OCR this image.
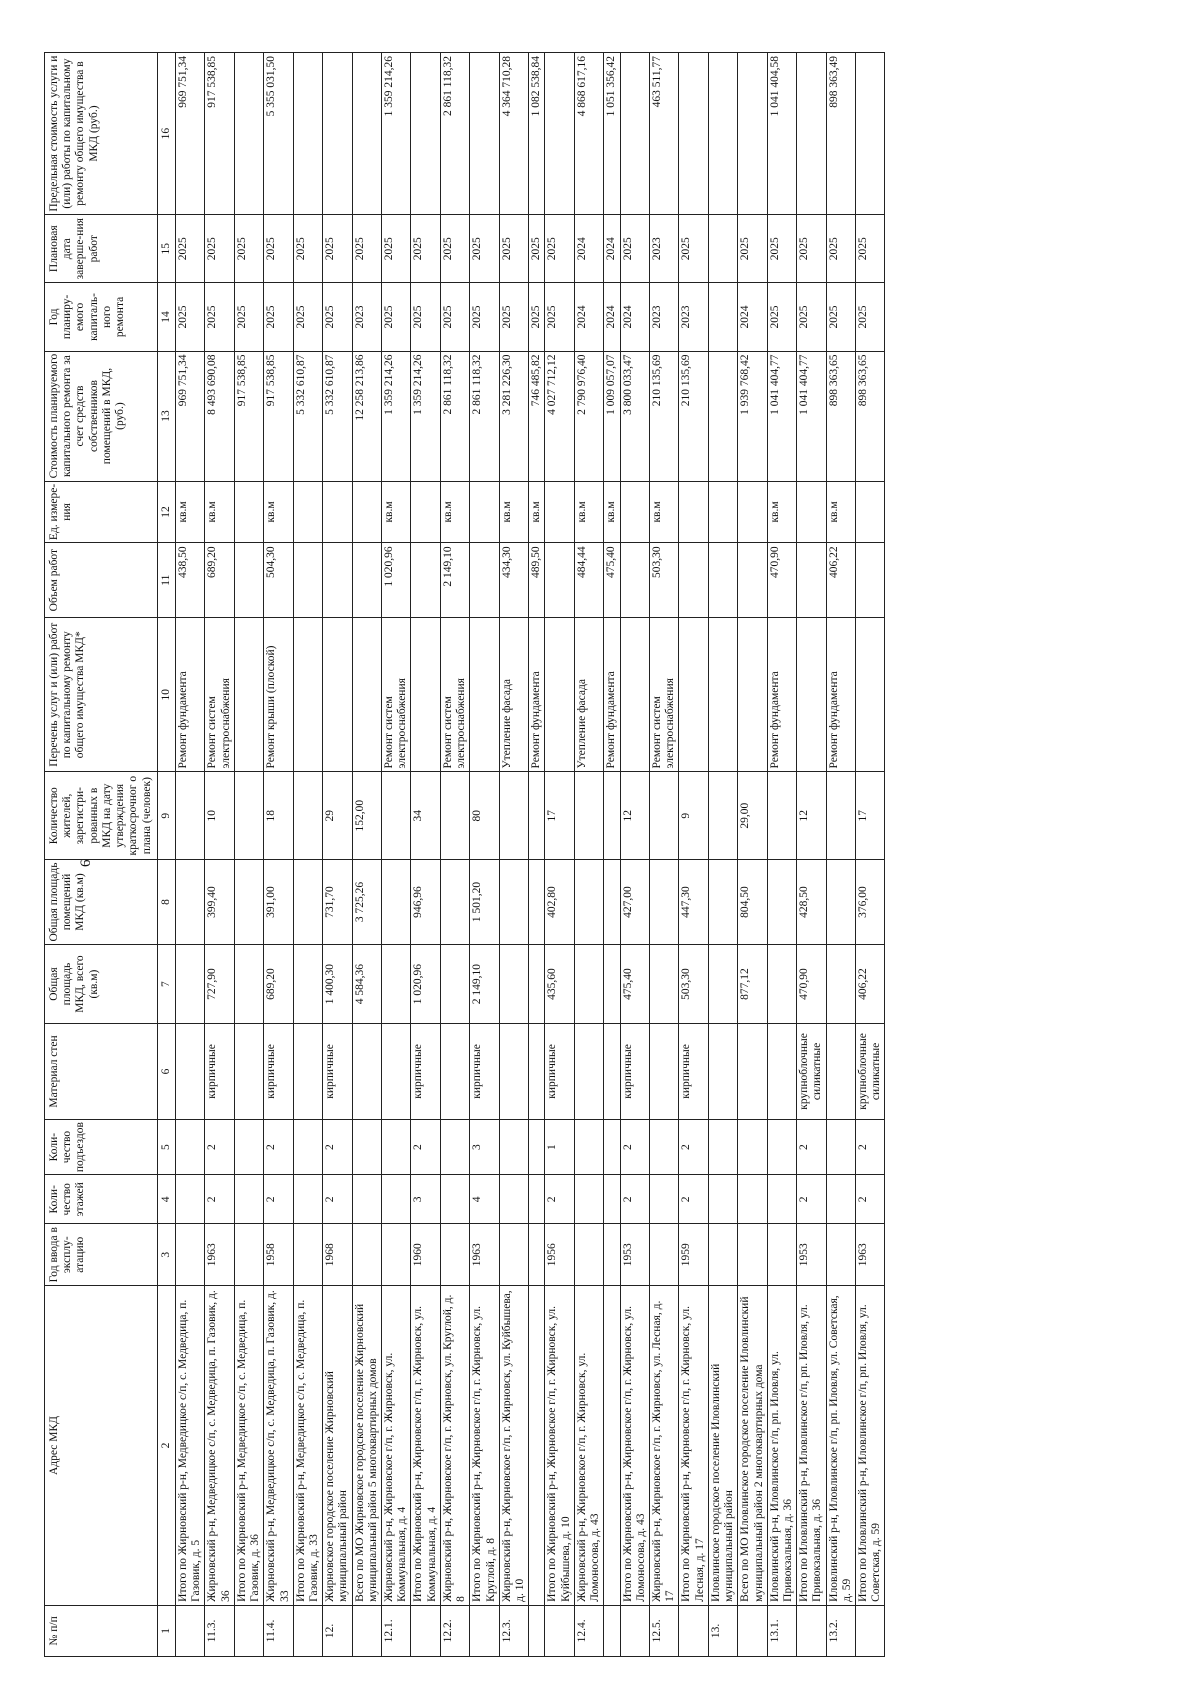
6
№ п/п	Адрес МКД	Год ввода в эксплу-атацию	Коли-чество этажей	Коли-чество подъездов	Материал стен	Общая площадь МКД, всего (кв.м)	Общая площадь помещений МКД (кв.м)	Количество жителей, зарегистри-рованных в МКД на дату утверждения краткосрочног о плана (человек)	Перечень услуг и (или) работ по капитальному ремонту общего имущества МКД*	Объем работ	Ед. измере-ния	Стоимость планируемого капитального ремонта за счет средств собственников помещений в МКД, (руб.)	Год планиру-емого капиталь-ного ремонта	Плановая дата заверше-ния работ	Предельная стоимость услуги и (или) работы по капитальному ремонту общего имущества в МКД (руб.)
1	2	3	4	5	6	7	8	9	10	11	12	13	14	15	16
	Итого по Жирновский р-н, Медведицкое с/п, с. Медведица, п. Газовик, д. 5								Ремонт фундамента	438,50	кв.м	969 751,34	2025	2025	969 751,34
11.3.	Жирновский р-н, Медведицкое с/п, с. Медведица, п. Газовик, д. 36	1963	2	2	кирпичные	727,90	399,40	10	Ремонт систем электроснабжения	689,20	кв.м	8 493 690,08	2025	2025	917 538,85
	Итого по Жирновский р-н, Медведицкое с/п, с. Медведица, п. Газовик, д. 36											917 538,85	2025	2025	
11.4.	Жирновский р-н, Медведицкое с/п, с. Медведица, п. Газовик, д. 33	1958	2	2	кирпичные	689,20	391,00	18	Ремонт крыши (плоской)	504,30	кв.м	917 538,85	2025	2025	5 355 031,50
	Итого по Жирновский р-н, Медведицкое с/п, с. Медведица, п. Газовик, д. 33											5 332 610,87	2025	2025	
12.	Жирновское городское поселение Жирновский муниципальный район	1968	2	2	кирпичные	1 400,30	731,70	29				5 332 610,87	2025	2025	
	Всего по МО Жирновское городское поселение Жирновский муниципальный район 5 многоквартирных домов					4 584,36	3 725,26	152,00				12 258 213,86	2023	2025	
12.1.	Жирновский р-н, Жирновское г/п, г. Жирновск, ул. Коммунальная, д. 4								Ремонт систем электроснабжения	1 020,96	кв.м	1 359 214,26	2025	2025	1 359 214,26
	Итого по Жирновский р-н, Жирновское г/п, г. Жирновск, ул. Коммунальная, д. 4	1960	3	2	кирпичные	1 020,96	946,96	34				1 359 214,26	2025	2025	
12.2.	Жирновский р-н, Жирновское г/п, г. Жирновск, ул. Круглой, д. 8								Ремонт систем электроснабжения	2 149,10	кв.м	2 861 118,32	2025	2025	2 861 118,32
	Итого по Жирновский р-н, Жирновское г/п, г. Жирновск, ул. Круглой, д. 8	1963	4	3	кирпичные	2 149,10	1 501,20	80				2 861 118,32	2025	2025	
12.3.	Жирновский р-н, Жирновское г/п, г. Жирновск, ул. Куйбышева, д. 10								Утепление фасада	434,30	кв.м	3 281 226,30	2025	2025	4 364 710,28
									Ремонт фундамента	489,50	кв.м	746 485,82	2025	2025	1 082 538,84
	Итого по Жирновский р-н, Жирновское г/п, г. Жирновск, ул. Куйбышева, д. 10	1956	2	1	кирпичные	435,60	402,80	17				4 027 712,12	2025	2025	
12.4.	Жирновский р-н, Жирновское г/п, г. Жирновск, ул. Ломоносова, д. 43								Утепление фасада	484,44	кв.м	2 790 976,40	2024	2024	4 868 617,16
									Ремонт фундамента	475,40	кв.м	1 009 057,07	2024	2024	1 051 356,42
	Итого по Жирновский р-н, Жирновское г/п, г. Жирновск, ул. Ломоносова, д. 43	1953	2	2	кирпичные	475,40	427,00	12				3 800 033,47	2024	2025	
12.5.	Жирновский р-н, Жирновское г/п, г. Жирновск, ул. Лесная, д. 17								Ремонт систем электроснабжения	503,30	кв.м	210 135,69	2023	2023	463 511,77
	Итого по Жирновский р-н, Жирновское г/п, г. Жирновск, ул. Лесная, д. 17	1959	2	2	кирпичные	503,30	447,30	9				210 135,69	2023	2025	
13.	Иловлинское городское поселение Иловлинский муниципальный район														
	Всего по МО Иловлинское городское поселение Иловлинский муниципальный район 2 многоквартирных дома					877,12	804,50	29,00				1 939 768,42	2024	2025	
13.1.	Иловлинский р-н, Иловлинское г/п, рп. Иловля, ул. Привокзальная, д. 36								Ремонт фундамента	470,90	кв.м	1 041 404,77	2025	2025	1 041 404,58
	Итого по Иловлинский р-н, Иловлинское г/п, рп. Иловля, ул. Привокзальная, д. 36	1953	2	2	крупноблочные силикатные	470,90	428,50	12				1 041 404,77	2025	2025	
13.2.	Иловлинский р-н, Иловлинское г/п, рп. Иловля, ул. Советская, д. 59								Ремонт фундамента	406,22	кв.м	898 363,65	2025	2025	898 363,49
	Итого по Иловлинский р-н, Иловлинское г/п, рп. Иловля, ул. Советская, д. 59	1963	2	2	крупноблочные силикатные	406,22	376,00	17				898 363,65	2025	2025	
